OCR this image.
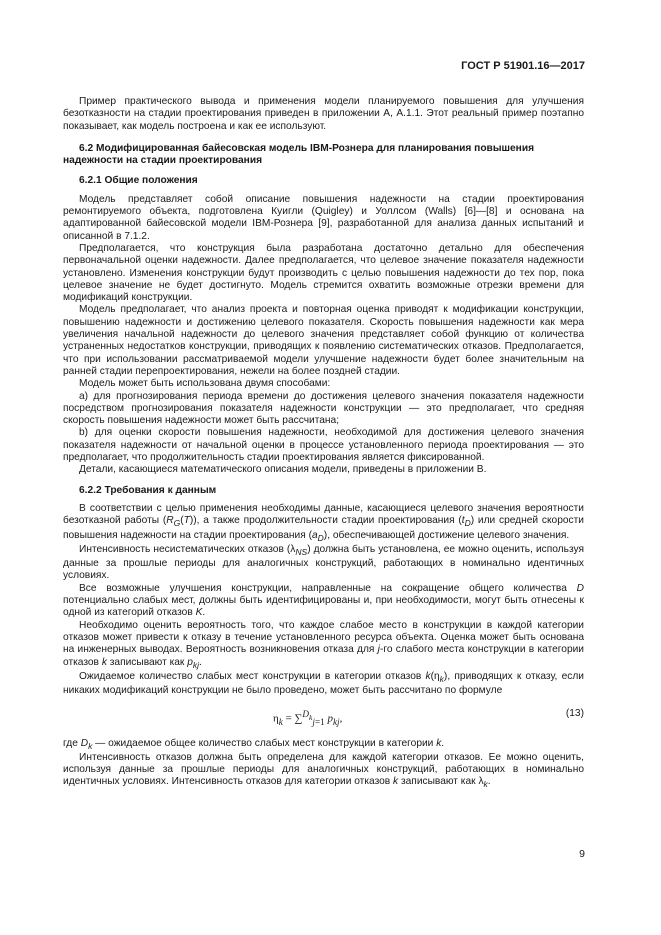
ГОСТ Р 51901.16—2017

Пример практического вывода и применения модели планируемого повышения для улучшения безотказности на стадии проектирования приведен в приложении А, А.1.1. Этот реальный пример поэтапно показывает, как модель построена и как ее используют.

6.2 Модифицированная байесовская модель IBM-Рознера для планирования повышения надежности на стадии проектирования
6.2.1 Общие положения

Модель представляет собой описание повышения надежности на стадии проектирования ремонтируемого объекта, подготовлена Куигли (Quigley) и Уоллсом (Walls) [6]—[8] и основана на адаптированной байесовской модели IBM-Рознера [9], разработанной для анализа данных испытаний и описанной в 7.1.2.

Предполагается, что конструкция была разработана достаточно детально для обеспечения первоначальной оценки надежности. Далее предполагается, что целевое значение показателя надежности установлено. Изменения конструкции будут производить с целью повышения надежности до тех пор, пока целевое значение не будет достигнуто. Модель стремится охватить возможные отрезки времени для модификаций конструкции.

Модель предполагает, что анализ проекта и повторная оценка приводят к модификации конструкции, повышению надежности и достижению целевого показателя. Скорость повышения надежности как мера увеличения начальной надежности до целевого значения представляет собой функцию от количества устраненных недостатков конструкции, приводящих к появлению систематических отказов. Предполагается, что при использовании рассматриваемой модели улучшение надежности будет более значительным на ранней стадии перепроектирования, нежели на более поздней стадии.

Модель может быть использована двумя способами:

а) для прогнозирования периода времени до достижения целевого значения показателя надежности посредством прогнозирования показателя надежности конструкции — это предполагает, что средняя скорость повышения надежности может быть рассчитана;

b) для оценки скорости повышения надежности, необходимой для достижения целевого значения показателя надежности от начальной оценки в процессе установленного периода проектирования — это предполагает, что продолжительность стадии проектирования является фиксированной.

Детали, касающиеся математического описания модели, приведены в приложении В.

6.2.2 Требования к данным

В соответствии с целью применения необходимы данные, касающиеся целевого значения вероятности безотказной работы $(R_G(T))$, а также продолжительности стадии проектирования $(t_D)$ или средней скорости повышения надежности на стадии проектирования $(a_D)$, обеспечивающей достижение целевого значения.

Интенсивность несистематических отказов $(\lambda_{NS})$ должна быть установлена, ее можно оценить, используя данные за прошлые периоды для аналогичных конструкций, работающих в номинально идентичных условиях.

Все возможные улучшения конструкции, направленные на сокращение общего количества D потенциально слабых мест, должны быть идентифицированы и, при необходимости, могут быть отнесены к одной из категорий отказов K.

Необходимо оценить вероятность того, что каждое слабое место в конструкции в каждой категории отказов может привести к отказу в течение установленного ресурса объекта. Оценка может быть основана на инженерных выводах. Вероятность возникновения отказа для j-го слабого места конструкции в категории отказов k записывают как $p_{kj}$.

Ожидаемое количество слабых мест конструкции в категории отказов $k(\eta_k)$, приводящих к отказу, если никаких модификаций конструкции не было проведено, может быть рассчитано по формуле

$\eta_k = \sum^{D_k}_{j=1}$ $p_{kj}$,	(13)

где $D_k$ — ожидаемое общее количество слабых мест конструкции в категории k.

Интенсивность отказов должна быть определена для каждой категории отказов. Ее можно оценить, используя данные за прошлые периоды для аналогичных конструкций, работающих в номинально идентичных условиях. Интенсивность отказов для категории отказов k записывают как $\lambda_k$.

9
